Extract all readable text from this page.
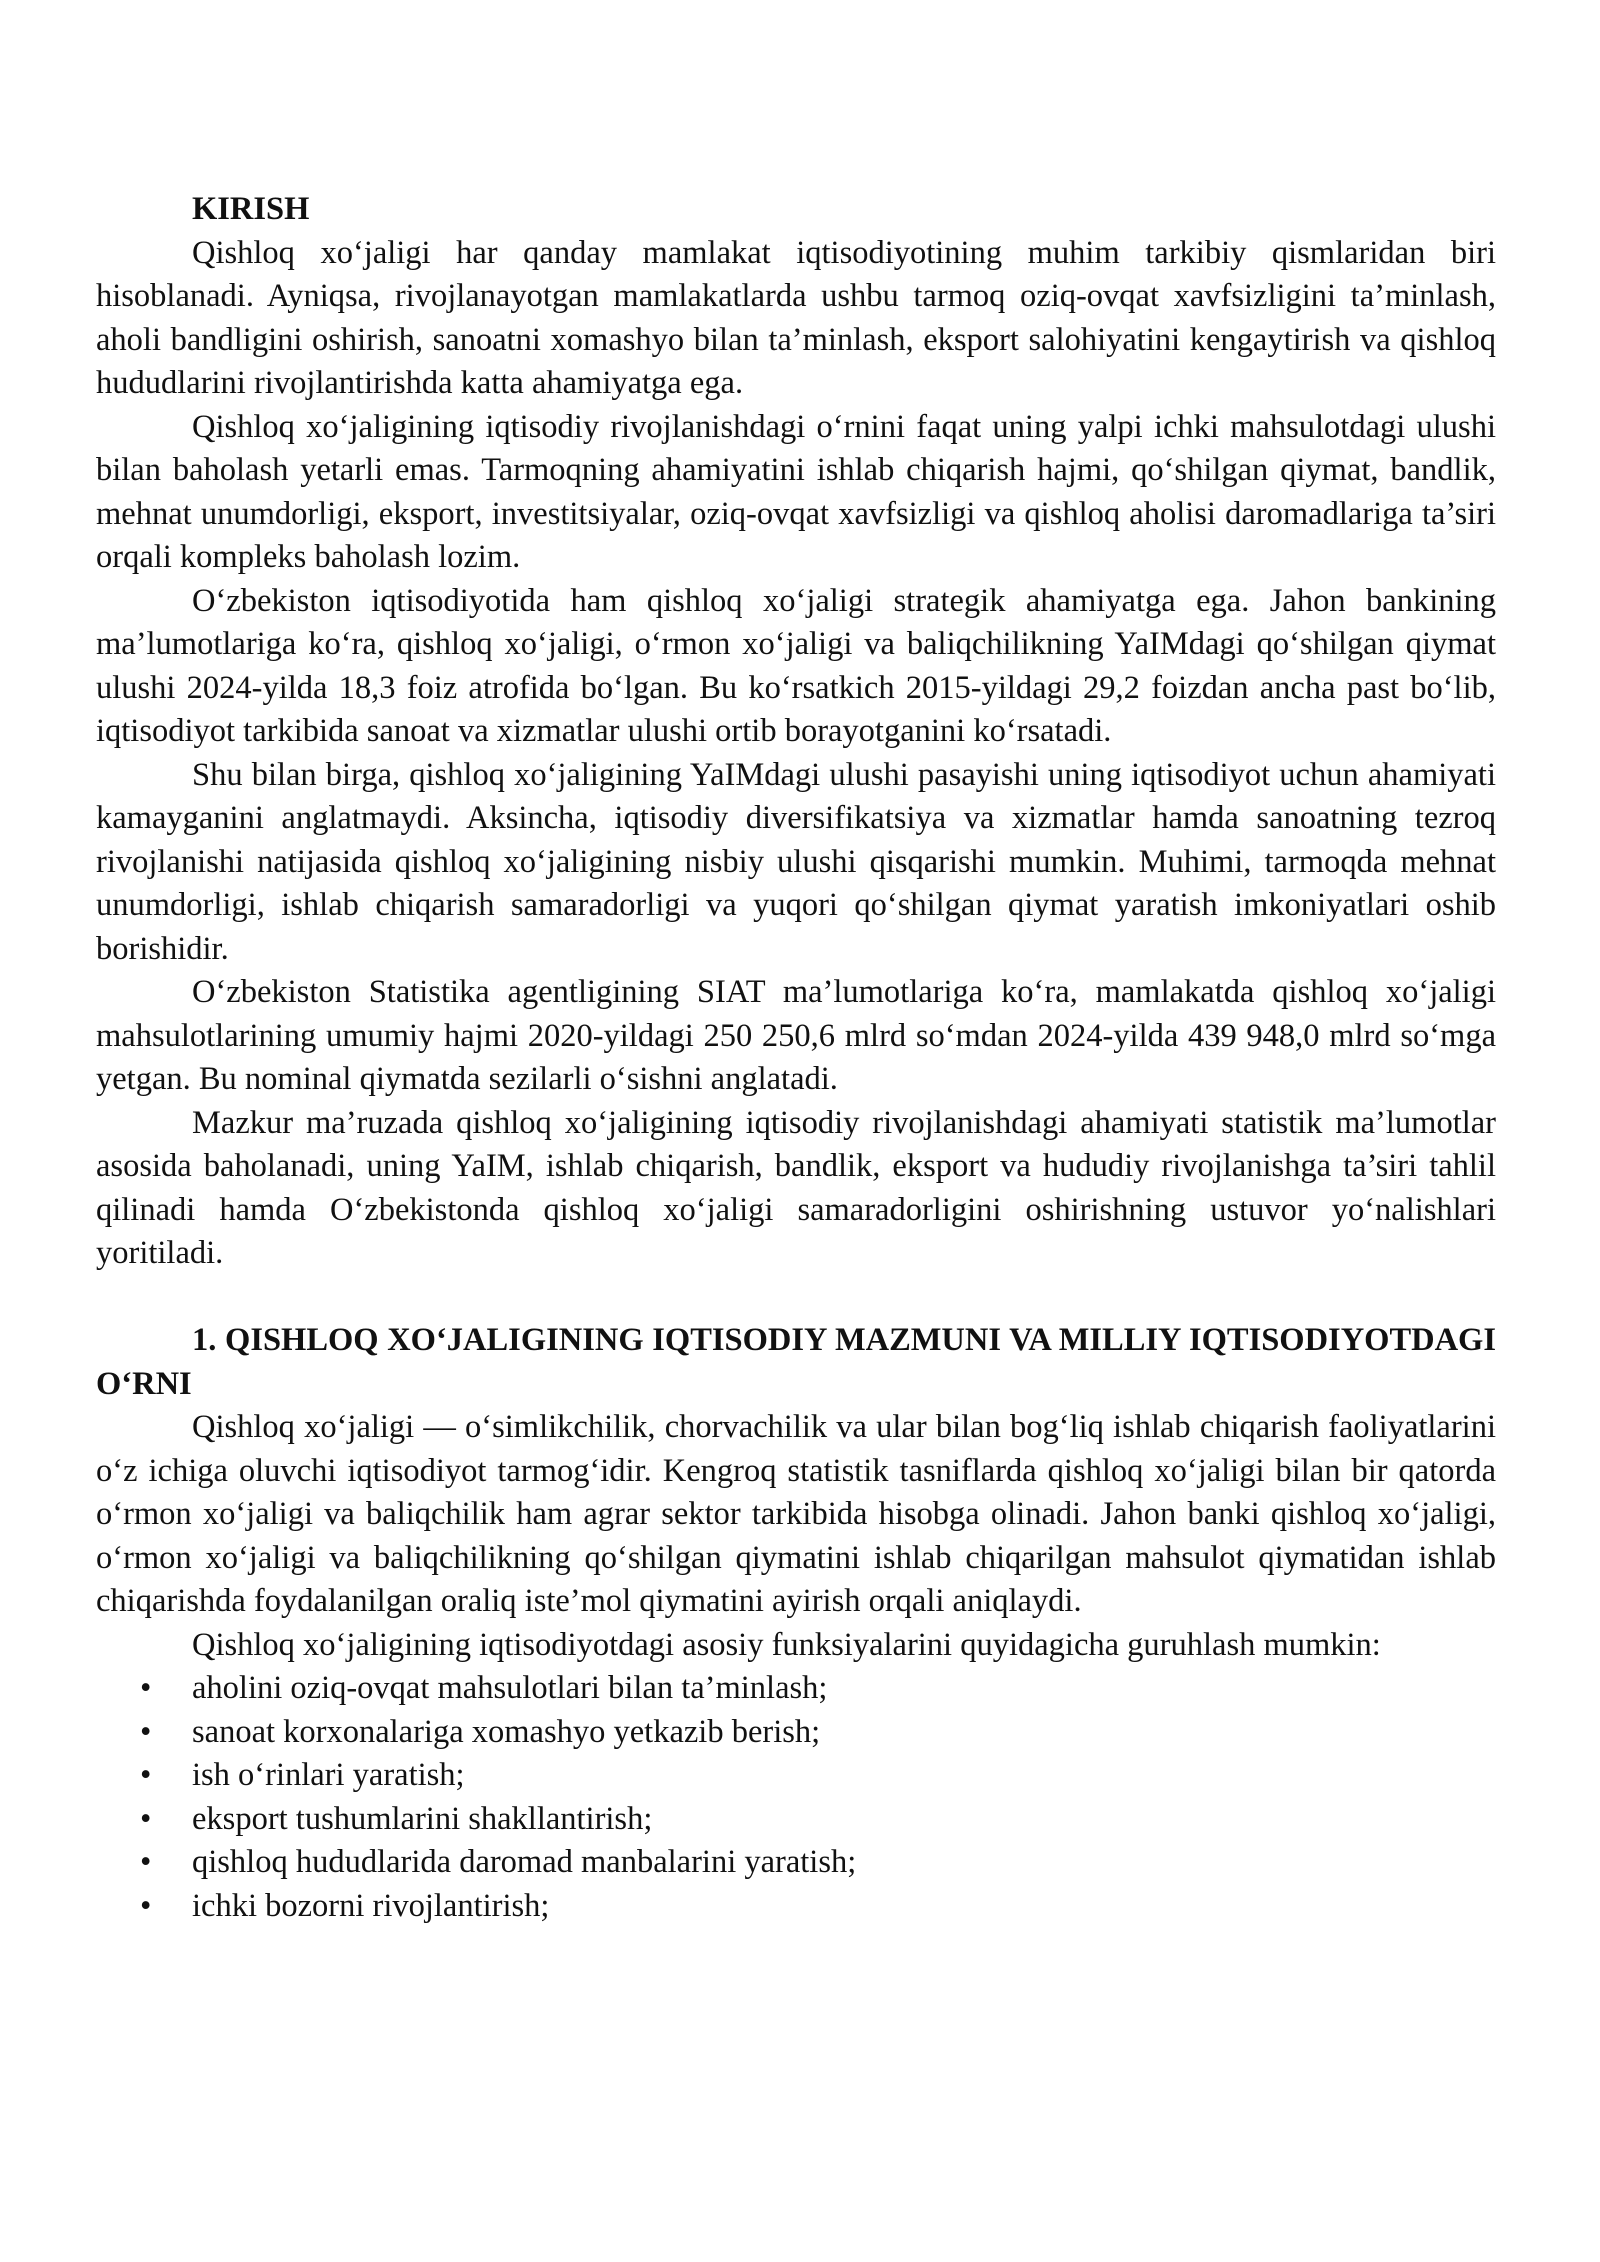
KIRISH

Qishloq xo‘jaligi har qanday mamlakat iqtisodiyotining muhim tarkibiy qismlaridan biri hisoblanadi. Ayniqsa, rivojlanayotgan mamlakatlarda ushbu tarmoq oziq-ovqat xavfsizligini ta’minlash, aholi bandligini oshirish, sanoatni xomashyo bilan ta’minlash, eksport salohiyatini kengaytirish va qishloq hududlarini rivojlantirishda katta ahamiyatga ega.

Qishloq xo‘jaligining iqtisodiy rivojlanishdagi o‘rnini faqat uning yalpi ichki mahsulotdagi ulushi bilan baholash yetarli emas. Tarmoqning ahamiyatini ishlab chiqarish hajmi, qo‘shilgan qiymat, bandlik, mehnat unumdorligi, eksport, investitsiyalar, oziq-ovqat xavfsizligi va qishloq aholisi daromadlariga ta’siri orqali kompleks baholash lozim.

O‘zbekiston iqtisodiyotida ham qishloq xo‘jaligi strategik ahamiyatga ega. Jahon bankining ma’lumotlariga ko‘ra, qishloq xo‘jaligi, o‘rmon xo‘jaligi va baliqchilikning YaIMdagi qo‘shilgan qiymat ulushi 2024-yilda 18,3 foiz atrofida bo‘lgan. Bu ko‘rsatkich 2015-yildagi 29,2 foizdan ancha past bo‘lib, iqtisodiyot tarkibida sanoat va xizmatlar ulushi ortib borayotganini ko‘rsatadi.

Shu bilan birga, qishloq xo‘jaligining YaIMdagi ulushi pasayishi uning iqtisodiyot uchun ahamiyati kamayganini anglatmaydi. Aksincha, iqtisodiy diversifikatsiya va xizmatlar hamda sanoatning tezroq rivojlanishi natijasida qishloq xo‘jaligining nisbiy ulushi qisqarishi mumkin. Muhimi, tarmoqda mehnat unumdorligi, ishlab chiqarish samaradorligi va yuqori qo‘shilgan qiymat yaratish imkoniyatlari oshib borishidir.

O‘zbekiston Statistika agentligining SIAT ma’lumotlariga ko‘ra, mamlakatda qishloq xo‘jaligi mahsulotlarining umumiy hajmi 2020-yildagi 250 250,6 mlrd so‘mdan 2024-yilda 439 948,0 mlrd so‘mga yetgan. Bu nominal qiymatda sezilarli o‘sishni anglatadi.

Mazkur ma’ruzada qishloq xo‘jaligining iqtisodiy rivojlanishdagi ahamiyati statistik ma’lumotlar asosida baholanadi, uning YaIM, ishlab chiqarish, bandlik, eksport va hududiy rivojlanishga ta’siri tahlil qilinadi hamda O‘zbekistonda qishloq xo‘jaligi samaradorligini oshirishning ustuvor yo‘nalishlari yoritiladi.

1. QISHLOQ XO‘JALIGINING IQTISODIY MAZMUNI VA MILLIY IQTISODIYOTDAGI O‘RNI

Qishloq xo‘jaligi — o‘simlikchilik, chorvachilik va ular bilan bog‘liq ishlab chiqarish faoliyatlarini o‘z ichiga oluvchi iqtisodiyot tarmog‘idir. Kengroq statistik tasniflarda qishloq xo‘jaligi bilan bir qatorda o‘rmon xo‘jaligi va baliqchilik ham agrar sektor tarkibida hisobga olinadi. Jahon banki qishloq xo‘jaligi, o‘rmon xo‘jaligi va baliqchilikning qo‘shilgan qiymatini ishlab chiqarilgan mahsulot qiymatidan ishlab chiqarishda foydalanilgan oraliq iste’mol qiymatini ayirish orqali aniqlaydi.

Qishloq xo‘jaligining iqtisodiyotdagi asosiy funksiyalarini quyidagicha guruhlash mumkin:

• aholini oziq-ovqat mahsulotlari bilan ta’minlash;
• sanoat korxonalariga xomashyo yetkazib berish;
• ish o‘rinlari yaratish;
• eksport tushumlarini shakllantirish;
• qishloq hududlarida daromad manbalarini yaratish;
• ichki bozorni rivojlantirish;
